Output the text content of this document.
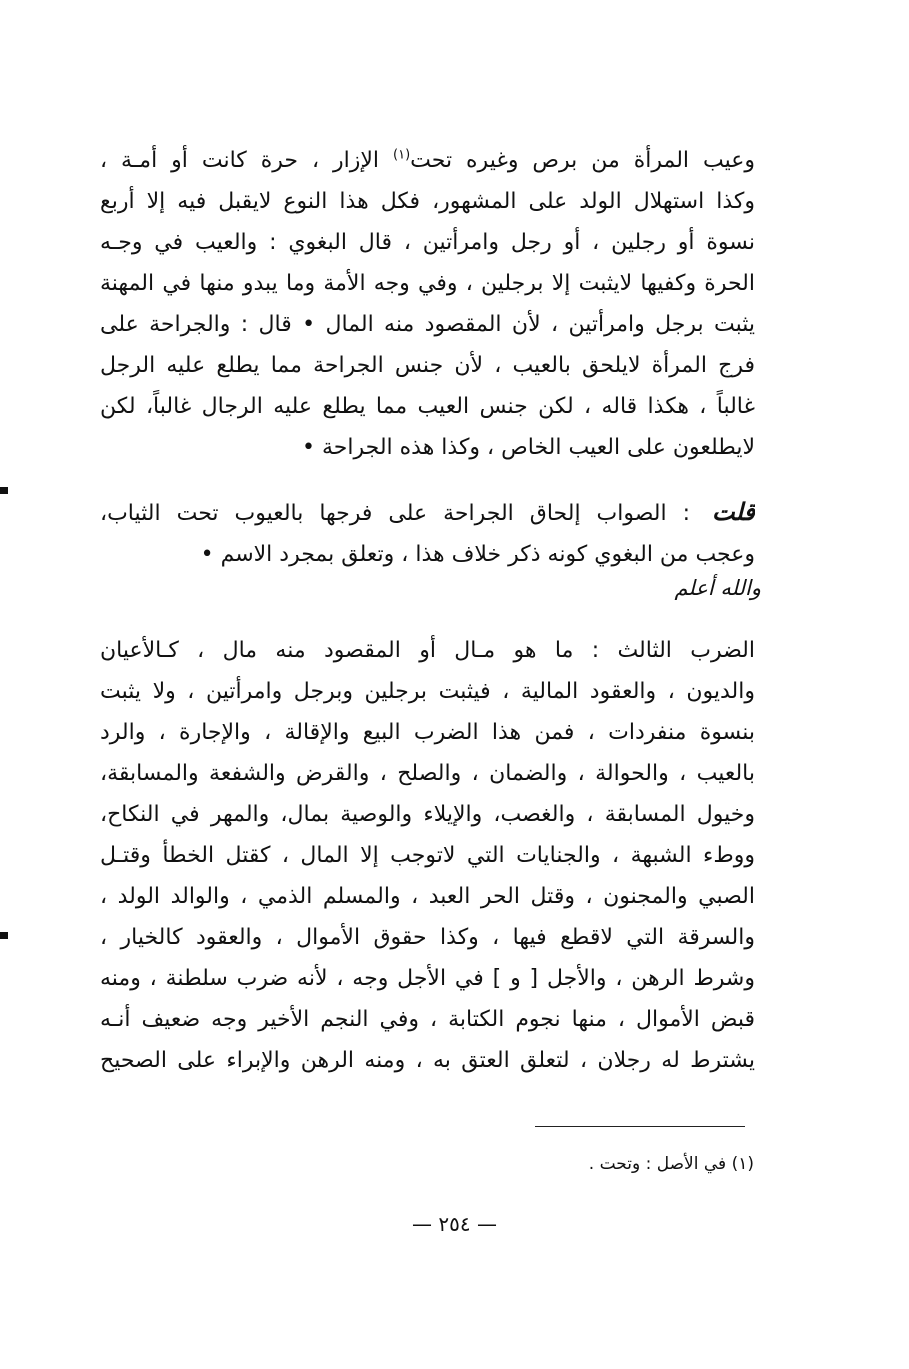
وعيب المرأة من برص وغيره تحت$^{(١)}$ الإزار ، حرة كانت أو أمـة ،
وكذا استهلال الولد على المشهور، فكل هذا النوع لايقبل فيه إلا أربع
نسوة أو رجلين ، أو رجل وامرأتين ، قال البغوي : والعيب في وجـه
الحرة وكفيها لايثبت إلا برجلين ، وفي وجه الأمة وما يبدو منها في المهنة
يثبت برجل وامرأتين ، لأن المقصود منه المال • قال : والجراحة على
فرج المرأة لايلحق بالعيب ، لأن جنس الجراحة مما يطلع عليه الرجل
غالباً ، هكذا قاله ، لكن جنس العيب مما يطلع عليه الرجال غالباً، لكن
لايطلعون على العيب الخاص ، وكذا هذه الجراحة •
قلت: الصواب إلحاق الجراحة على فرجها بالعيوب تحت الثياب،
وعجب من البغوي كونه ذكر خلاف هذا ، وتعلق بمجرد الاسم •
والله أعلم
الضرب الثالث : ما هو مـال أو المقصود منه مال ، كـالأعيان
والديون ، والعقود المالية ، فيثبت برجلين وبرجل وامرأتين ، ولا يثبت
بنسوة منفردات ، فمن هذا الضرب البيع والإقالة ، والإجارة ، والرد
بالعيب ، والحوالة ، والضمان ، والصلح ، والقرض والشفعة والمسابقة،
وخيول المسابقة ، والغصب، والإيلاء والوصية بمال، والمهر في النكاح،
ووطء الشبهة ، والجنايات التي لاتوجب إلا المال ، كقتل الخطأ وقتـل
الصبي والمجنون ، وقتل الحر العبد ، والمسلم الذمي ، والوالد الولد ،
والسرقة التي لاقطع فيها ، وكذا حقوق الأموال ، والعقود كالخيار ،
وشرط الرهن ، والأجل [ و ] في الأجل وجه ، لأنه ضرب سلطنة ، ومنه
قبض الأموال ، منها نجوم الكتابة ، وفي النجم الأخير وجه ضعيف أنـه
يشترط له رجلان ، لتعلق العتق به ، ومنه الرهن والإبراء على الصحيح
(١) في الأصل : وتحت .
— ٢٥٤ —
